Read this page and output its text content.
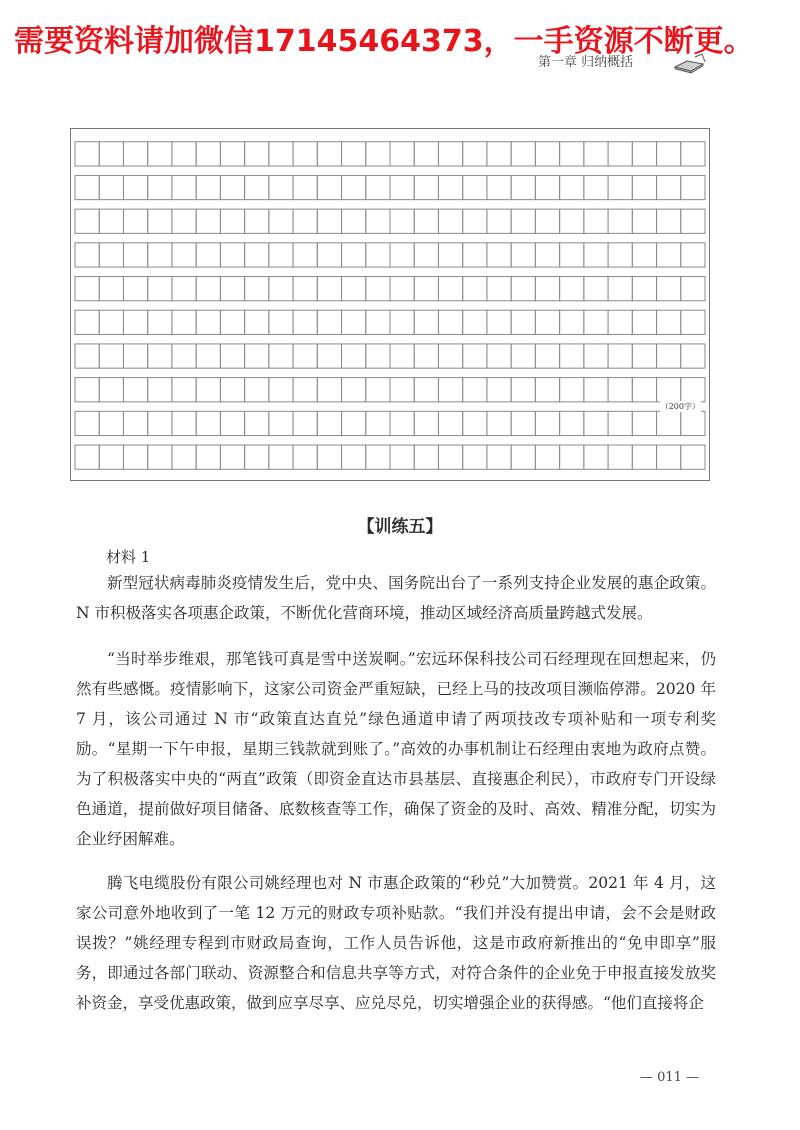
需要资料请加微信17145464373，一手资源不断更。
第一章 归纳概括
（200字）
【训练五】
材料 1

新型冠状病毒肺炎疫情发生后，党中央、国务院出台了一系列支持企业发展的惠企政策。N 市积极落实各项惠企政策，不断优化营商环境，推动区域经济高质量跨越式发展。

“当时举步维艰，那笔钱可真是雪中送炭啊。”宏远环保科技公司石经理现在回想起来，仍然有些感慨。疫情影响下，这家公司资金严重短缺，已经上马的技改项目濒临停滞。2020 年 7 月，该公司通过 N 市“政策直达直兑”绿色通道申请了两项技改专项补贴和一项专利奖励。“星期一下午申报，星期三钱款就到账了。”高效的办事机制让石经理由衷地为政府点赞。为了积极落实中央的“两直”政策（即资金直达市县基层、直接惠企利民），市政府专门开设绿色通道，提前做好项目储备、底数核查等工作，确保了资金的及时、高效、精准分配，切实为企业纾困解难。

腾飞电缆股份有限公司姚经理也对 N 市惠企政策的“秒兑”大加赞赏。2021 年 4 月，这家公司意外地收到了一笔 12 万元的财政专项补贴款。“我们并没有提出申请，会不会是财政误拨？”姚经理专程到市财政局查询，工作人员告诉他，这是市政府新推出的“免申即享”服务，即通过各部门联动、资源整合和信息共享等方式，对符合条件的企业免于申报直接发放奖补资金，享受优惠政策，做到应享尽享、应兑尽兑，切实增强企业的获得感。“他们直接将企

— 011 —
